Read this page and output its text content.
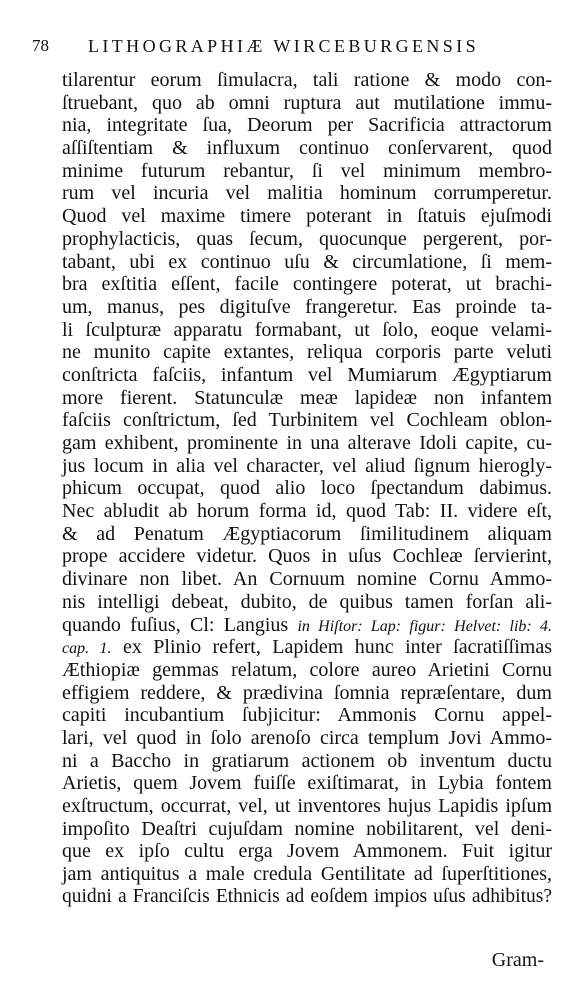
78 LITHOGRAPHIÆ WIRCEBURGENSIS
tilarentur eorum ſimulacra, tali ratione & modo con-
ſtruebant, quo ab omni ruptura aut mutilatione immu-
nia, integritate ſua, Deorum per Sacrificia attractorum
aſſiſtentiam & influxum continuo conſervarent, quod
minime futurum rebantur, ſi vel minimum membro-
rum vel incuria vel malitia hominum corrumperetur.
Quod vel maxime timere poterant in ſtatuis ejuſmodi
prophylacticis, quas ſecum, quocunque pergerent, por-
tabant, ubi ex continuo uſu & circumlatione, ſi mem-
bra exſtitia eſſent, facile contingere poterat, ut brachi-
um, manus, pes digituſve frangeretur. Eas proinde ta-
li ſculpturæ apparatu formabant, ut ſolo, eoque velami-
ne munito capite extantes, reliqua corporis parte veluti
conſtricta faſciis, infantum vel Mumiarum Ægyptiarum
more fierent. Statunculæ meæ lapideæ non infantem
faſciis conſtrictum, ſed Turbinitem vel Cochleam oblon-
gam exhibent, prominente in una alterave Idoli capite, cu-
jus locum in alia vel character, vel aliud ſignum hierogly-
phicum occupat, quod alio loco ſpectandum dabimus.
Nec abludit ab horum forma id, quod Tab: II. videre eſt,
& ad Penatum Ægyptiacorum ſimilitudinem aliquam
prope accidere videtur. Quos in uſus Cochleæ ſervierint,
divinare non libet. An Cornuum nomine Cornu Ammo-
nis intelligi debeat, dubito, de quibus tamen forſan ali-
quando fuſius, Cl: Langius in Hiſtor: Lap: figur: Helvet: lib: 4.
cap. 1. ex Plinio refert, Lapidem hunc inter ſacratiſſimas
Æthiopiæ gemmas relatum, colore aureo Arietini Cornu
effigiem reddere, & prædivina ſomnia repræſentare, dum
capiti incubantium ſubjicitur: Ammonis Cornu appel-
lari, vel quod in ſolo arenoſo circa templum Jovi Ammo-
ni a Baccho in gratiarum actionem ob inventum ductu
Arietis, quem Jovem fuiſſe exiſtimarat, in Lybia fontem
exſtructum, occurrat, vel, ut inventores hujus Lapidis ipſum
impoſito Deaſtri cujuſdam nomine nobilitarent, vel deni-
que ex ipſo cultu erga Jovem Ammonem. Fuit igitur
jam antiquitus a male credula Gentilitate ad ſuperſtitiones,
quidni a Franciſcis Ethnicis ad eoſdem impios uſus adhibitus?
Gram-
